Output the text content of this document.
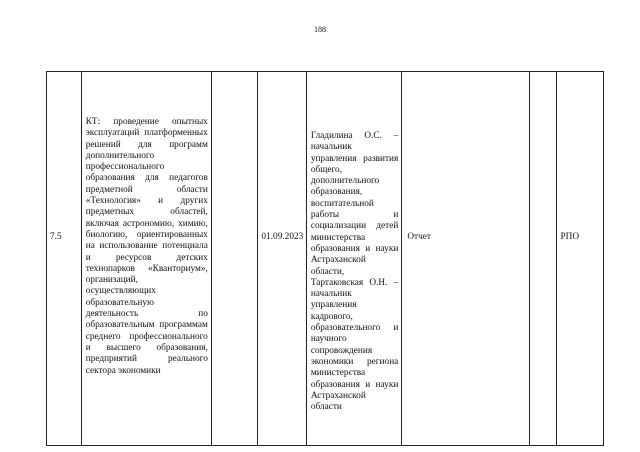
188
7.5
КТ: проведение опытных эксплуатаций платформенных решений для программ дополнительного профессионального образования для педагогов предметной области «Технология» и других предметных областей, включая астрономию, химию, биологию, ориентированных на использование потенциала и ресурсов детских технопарков «Кванториум», организаций, осуществляющих образовательную деятельность по образовательным программам среднего профессионального и высшего образования, предприятий реального сектора экономики
01.09.2023
Гладилина О.С. – начальник управления развития общего, дополнительного образования, воспитательной работы и социализации детей министерства образования и науки Астраханской области, Тартаковская О.Н. – начальник управления кадрового, образовательного и научного сопровождения экономики региона министерства образования и науки Астраханской области
Отчет	РПО
